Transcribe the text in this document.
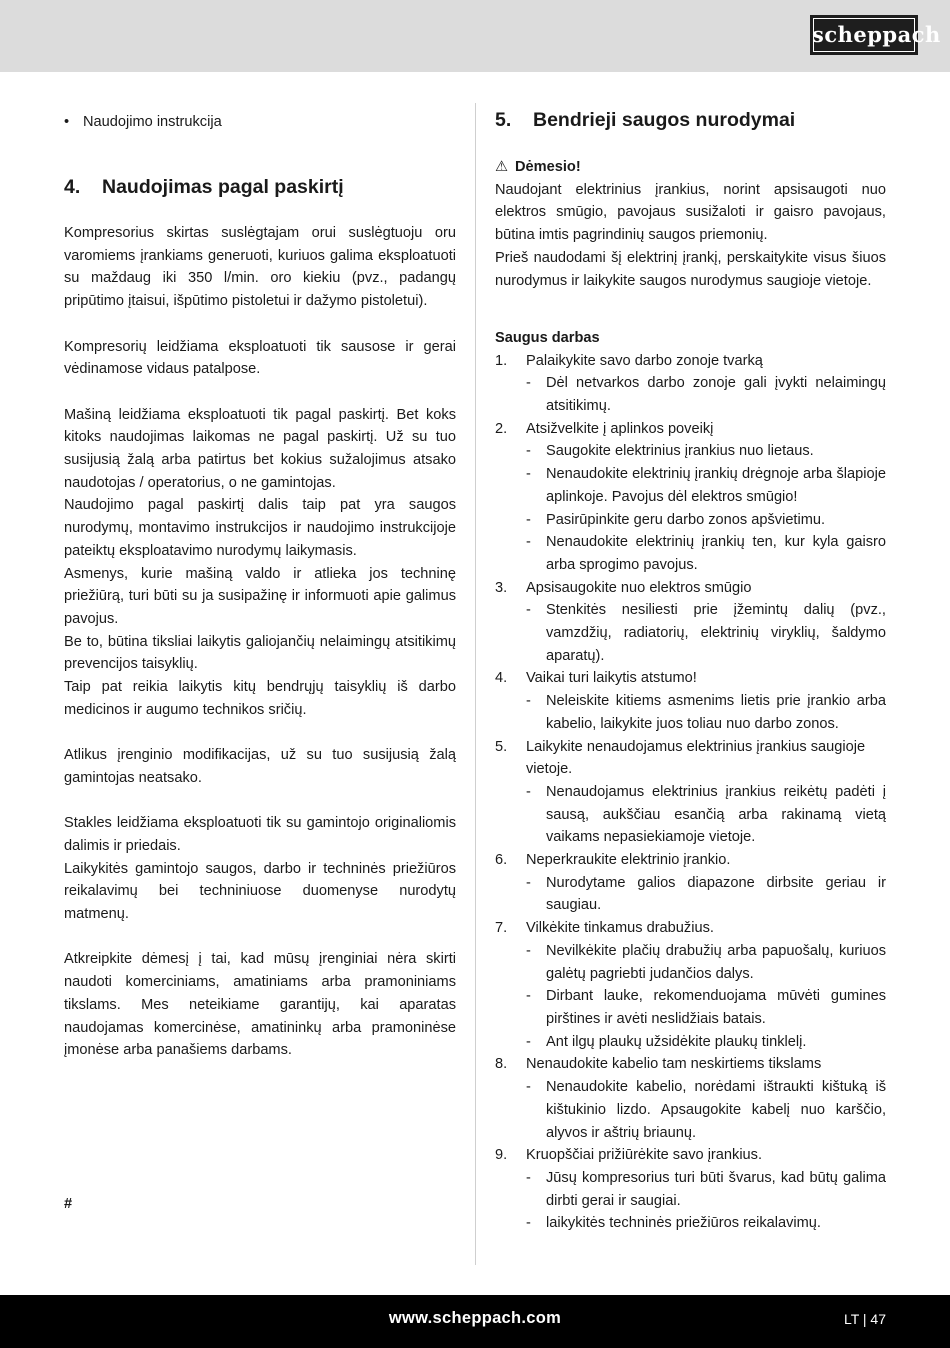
scheppach
• Naudojimo instrukcija
4. Naudojimas pagal paskirtį

Kompresorius skirtas suslėgtajam orui suslėgtuoju oru varomiems įrankiams generuoti, kuriuos galima eksploatuoti su maždaug iki 350 l/min. oro kiekiu (pvz., padangų pripūtimo įtaisui, išpūtimo pistoletui ir dažymo pistoletui).

Kompresorių leidžiama eksploatuoti tik sausose ir gerai vėdinamose vidaus patalpose.

Mašiną leidžiama eksploatuoti tik pagal paskirtį. Bet koks kitoks naudojimas laikomas ne pagal paskirtį. Už su tuo susijusią žalą arba patirtus bet kokius sužalojimus atsako naudotojas / operatorius, o ne gamintojas.

Naudojimo pagal paskirtį dalis taip pat yra saugos nurodymų, montavimo instrukcijos ir naudojimo instrukcijoje pateiktų eksploatavimo nurodymų laikymasis.

Asmenys, kurie mašiną valdo ir atlieka jos techninę priežiūrą, turi būti su ja susipažinę ir informuoti apie galimus pavojus.

Be to, būtina tiksliai laikytis galiojančių nelaimingų atsitikimų prevencijos taisyklių.

Taip pat reikia laikytis kitų bendrųjų taisyklių iš darbo medicinos ir augumo technikos sričių.

Atlikus įrenginio modifikacijas, už su tuo susijusią žalą gamintojas neatsako.

Stakles leidžiama eksploatuoti tik su gamintojo originaliomis dalimis ir priedais.

Laikykitės gamintojo saugos, darbo ir techninės priežiūros reikalavimų bei techniniuose duomenyse nurodytų matmenų.

Atkreipkite dėmesį į tai, kad mūsų įrenginiai nėra skirti naudoti komerciniams, amatiniams arba pramoniniams tikslams. Mes neteikiame garantijų, kai aparatas naudojamas komercinėse, amatininkų arba pramoninėse įmonėse arba panašiems darbams.

#
5. Bendrieji saugos nurodymai

⚠ Dėmesio!

Naudojant elektrinius įrankius, norint apsisaugoti nuo elektros smūgio, pavojaus susižaloti ir gaisro pavojaus, būtina imtis pagrindinių saugos priemonių.

Prieš naudodami šį elektrinį įrankį, perskaitykite visus šiuos nurodymus ir laikykite saugos nurodymus saugioje vietoje.

Saugus darbas

1. Palaikykite savo darbo zonoje tvarką
- Dėl netvarkos darbo zonoje gali įvykti nelaimingų atsitikimų.
2. Atsižvelkite į aplinkos poveikį
- Saugokite elektrinius įrankius nuo lietaus.
- Nenaudokite elektrinių įrankių drėgnoje arba šlapioje aplinkoje. Pavojus dėl elektros smūgio!
- Pasirūpinkite geru darbo zonos apšvietimu.
- Nenaudokite elektrinių įrankių ten, kur kyla gaisro arba sprogimo pavojus.
3. Apsisaugokite nuo elektros smūgio
- Stenkitės nesiliesti prie įžemintų dalių (pvz., vamzdžių, radiatorių, elektrinių viryklių, šaldymo aparatų).
4. Vaikai turi laikytis atstumo!
- Neleiskite kitiems asmenims lietis prie įrankio arba kabelio, laikykite juos toliau nuo darbo zonos.
5. Laikykite nenaudojamus elektrinius įrankius saugioje vietoje.
- Nenaudojamus elektrinius įrankius reikėtų padėti į sausą, aukščiau esančią arba rakinamą vietą vaikams nepasiekiamoje vietoje.
6. Neperkraukite elektrinio įrankio.
- Nurodytame galios diapazone dirbsite geriau ir saugiau.
7. Vilkėkite tinkamus drabužius.
- Nevilkėkite plačių drabužių arba papuošalų, kuriuos galėtų pagriebti judančios dalys.
- Dirbant lauke, rekomenduojama mūvėti gumines pirštines ir avėti neslidžiais batais.
- Ant ilgų plaukų užsidėkite plaukų tinklelį.
8. Nenaudokite kabelio tam neskirtiems tikslams
- Nenaudokite kabelio, norėdami ištraukti kištuką iš kištukinio lizdo. Apsaugokite kabelį nuo karščio, alyvos ir aštrių briaunų.
9. Kruopščiai prižiūrėkite savo įrankius.
- Jūsų kompresorius turi būti švarus, kad būtų galima dirbti gerai ir saugiai.
- laikykitės techninės priežiūros reikalavimų.
www.scheppach.com	LT | 47
